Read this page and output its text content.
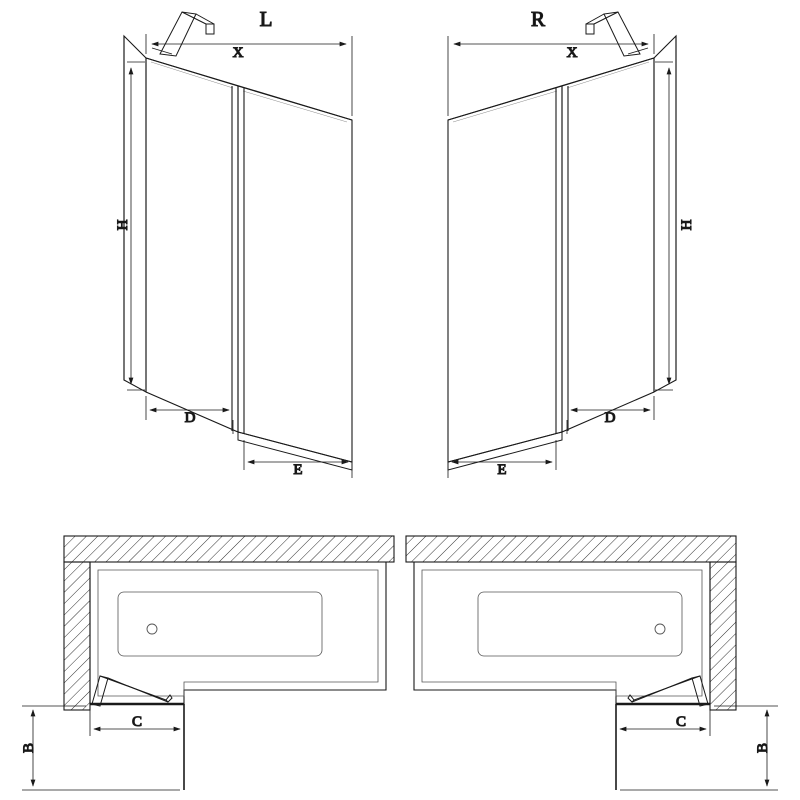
X
H
D
E
L
X
H
D
E
R
C
B
C
B
